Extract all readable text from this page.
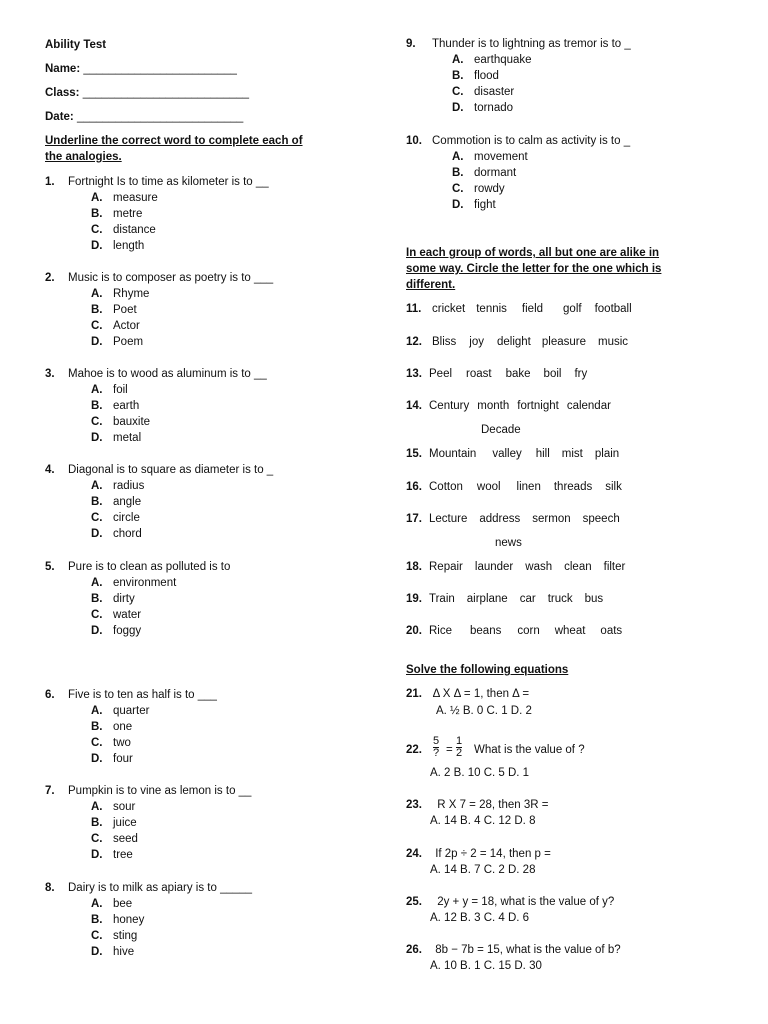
Ability Test
Name: ________________________
Class: __________________________
Date: __________________________
Underline the correct word to complete each of
the analogies.
1. Fortnight Is to time as kilometer is to __
A. measure
B. metre
C. distance
D. length
2. Music is to composer as poetry is to ___
A. Rhyme
B. Poet
C. Actor
D. Poem
3. Mahoe is to wood as aluminum is to __
A. foil
B. earth
C. bauxite
D. metal
4. Diagonal is to square as diameter is to _
A. radius
B. angle
C. circle
D. chord
5. Pure is to clean as polluted is to
A. environment
B. dirty
C. water
D. foggy
6. Five is to ten as half is to ___
A. quarter
B. one
C. two
D. four
7. Pumpkin is to vine as lemon is to __
A. sour
B. juice
C. seed
D. tree
8. Dairy is to milk as apiary is to _____
A. bee
B. honey
C. sting
D. hive
9. Thunder is to lightning as tremor is to _
A. earthquake
B. flood
C. disaster
D. tornado
10. Commotion is to calm as activity is to _
A. movement
B. dormant
C. rowdy
D. fight
In each group of words, all but one are alike in
some way. Circle the letter for the one which is
different.
11. cricket tennis field golf football
12. Bliss joy delight pleasure music
13. Peel roast bake boil fry
14. Century month fortnight calendar
Decade
15. Mountain valley hill mist plain
16. Cotton wool linen threads silk
17. Lecture address sermon speech
news
18. Repair launder wash clean filter
19. Train airplane car truck bus
20. Rice beans corn wheat oats
Solve the following equations
21. Δ X Δ = 1, then Δ =
A. ½ B. 0 C. 1 D. 2
22.
5
? =
1
2 What is the value of ?
A. 2 B. 10 C. 5 D. 1
23. R X 7 = 28, then 3R =
A. 14 B. 4 C. 12 D. 8
24. If 2p ÷ 2 = 14, then p =
A. 14 B. 7 C. 2 D. 28
25. 2y + y = 18, what is the value of y?
A. 12 B. 3 C. 4 D. 6
26. 8b − 7b = 15, what is the value of b?
A. 10 B. 1 C. 15 D. 30
